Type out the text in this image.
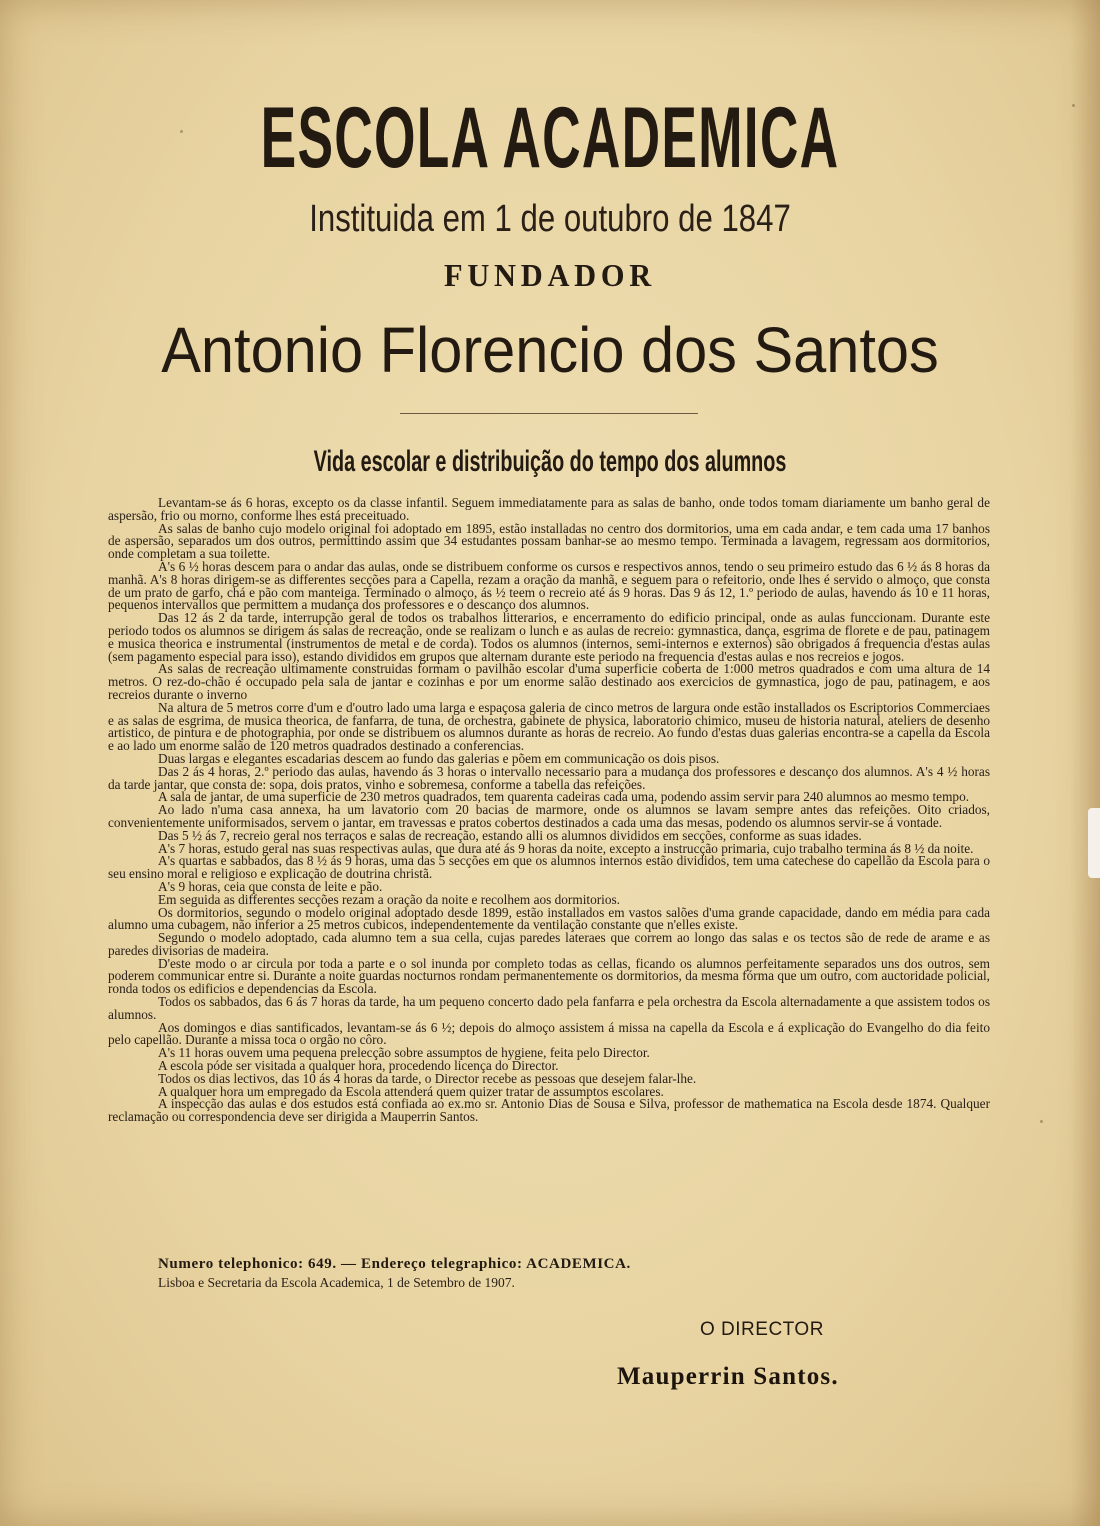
ESCOLA ACADEMICA
Instituida em 1 de outubro de 1847
FUNDADOR
Antonio Florencio dos Santos
Vida escolar e distribuição do tempo dos alumnos

Levantam-se ás 6 horas, excepto os da classe infantil. Seguem immediatamente para as salas de banho, onde todos tomam diariamente um banho geral de aspersão, frio ou morno, conforme lhes está preceituado.

As salas de banho cujo modelo original foi adoptado em 1895, estão installadas no centro dos dormitorios, uma em cada andar, e tem cada uma 17 banhos de aspersão, separados um dos outros, permittindo assim que 34 estudantes possam banhar-se ao mesmo tempo. Terminada a lavagem, regressam aos dormitorios, onde completam a sua toilette.

A's 6 ½ horas descem para o andar das aulas, onde se distribuem conforme os cursos e respectivos annos, tendo o seu primeiro estudo das 6 ½ ás 8 horas da manhã. A's 8 horas dirigem-se as differentes secções para a Capella, rezam a oração da manhã, e seguem para o refeitorio, onde lhes é servido o almoço, que consta de um prato de garfo, chá e pão com manteiga. Terminado o almoço, ás ½ teem o recreio até ás 9 horas. Das 9 ás 12, 1.º periodo de aulas, havendo ás 10 e 11 horas, pequenos intervallos que permittem a mudança dos professores e o descanço dos alumnos.

Das 12 ás 2 da tarde, interrupção geral de todos os trabalhos litterarios, e encerramento do edificio principal, onde as aulas funccionam. Durante este periodo todos os alumnos se dirigem ás salas de recreação, onde se realizam o lunch e as aulas de recreio: gymnastica, dança, esgrima de florete e de pau, patinagem e musica theorica e instrumental (instrumentos de metal e de corda). Todos os alumnos (internos, semi-internos e externos) são obrigados á frequencia d'estas aulas (sem pagamento especial para isso), estando divididos em grupos que alternam durante este periodo na frequencia d'estas aulas e nos recreios e jogos.

As salas de recreação ultimamente construidas formam o pavilhão escolar d'uma superficie coberta de 1:000 metros quadrados e com uma altura de 14 metros. O rez-do-chão é occupado pela sala de jantar e cozinhas e por um enorme salão destinado aos exercicios de gymnastica, jogo de pau, patinagem, e aos recreios durante o inverno

Na altura de 5 metros corre d'um e d'outro lado uma larga e espaçosa galeria de cinco metros de largura onde estão installados os Escriptorios Commerciaes e as salas de esgrima, de musica theorica, de fanfarra, de tuna, de orchestra, gabinete de physica, laboratorio chimico, museu de historia natural, ateliers de desenho artistico, de pintura e de photographia, por onde se distribuem os alumnos durante as horas de recreio. Ao fundo d'estas duas galerias encontra-se a capella da Escola e ao lado um enorme salão de 120 metros quadrados destinado a conferencias.

Duas largas e elegantes escadarias descem ao fundo das galerias e põem em communicação os dois pisos.

Das 2 ás 4 horas, 2.º periodo das aulas, havendo ás 3 horas o intervallo necessario para a mudança dos professores e descanço dos alumnos. A's 4 ½ horas da tarde jantar, que consta de: sopa, dois pratos, vinho e sobremesa, conforme a tabella das refeições.

A sala de jantar, de uma superficie de 230 metros quadrados, tem quarenta cadeiras cada uma, podendo assim servir para 240 alumnos ao mesmo tempo.

Ao lado n'uma casa annexa, ha um lavatorio com 20 bacias de marmore, onde os alumnos se lavam sempre antes das refeições. Oito criados, convenientemente uniformisados, servem o jantar, em travessas e pratos cobertos destinados a cada uma das mesas, podendo os alumnos servir-se á vontade.

Das 5 ½ ás 7, recreio geral nos terraços e salas de recreação, estando alli os alumnos divididos em secções, conforme as suas idades.

A's 7 horas, estudo geral nas suas respectivas aulas, que dura até ás 9 horas da noite, excepto a instrucção primaria, cujo trabalho termina ás 8 ½ da noite.

A's quartas e sabbados, das 8 ½ ás 9 horas, uma das 5 secções em que os alumnos internos estão divididos, tem uma catechese do capellão da Escola para o seu ensino moral e religioso e explicação de doutrina christã.

A's 9 horas, ceia que consta de leite e pão.

Em seguida as differentes secções rezam a oração da noite e recolhem aos dormitorios.

Os dormitorios, segundo o modelo original adoptado desde 1899, estão installados em vastos salões d'uma grande capacidade, dando em média para cada alumno uma cubagem, não inferior a 25 metros cubicos, independentemente da ventilação constante que n'elles existe.

Segundo o modelo adoptado, cada alumno tem a sua cella, cujas paredes lateraes que correm ao longo das salas e os tectos são de rede de arame e as paredes divisorias de madeira.

D'este modo o ar circula por toda a parte e o sol inunda por completo todas as cellas, ficando os alumnos perfeitamente separados uns dos outros, sem poderem communicar entre si. Durante a noite guardas nocturnos rondam permanentemente os dormitorios, da mesma fórma que um outro, com auctoridade policial, ronda todos os edificios e dependencias da Escola.

Todos os sabbados, das 6 ás 7 horas da tarde, ha um pequeno concerto dado pela fanfarra e pela orchestra da Escola alternadamente a que assistem todos os alumnos.

Aos domingos e dias santificados, levantam-se ás 6 ½; depois do almoço assistem á missa na capella da Escola e á explicação do Evangelho do dia feito pelo capellão. Durante a missa toca o orgão no côro.

A's 11 horas ouvem uma pequena prelecção sobre assumptos de hygiene, feita pelo Director.

A escola póde ser visitada a qualquer hora, procedendo licença do Director.

Todos os dias lectivos, das 10 ás 4 horas da tarde, o Director recebe as pessoas que desejem falar-lhe.

A qualquer hora um empregado da Escola attenderá quem quizer tratar de assumptos escolares.

A inspecção das aulas e dos estudos está confiada ao ex.mo sr. Antonio Dias de Sousa e Silva, professor de mathematica na Escola desde 1874. Qualquer reclamação ou correspondencia deve ser dirigida a Mauperrin Santos.

Numero telephonico: 649. — Endereço telegraphico: ACADEMICA.
Lisboa e Secretaria da Escola Academica, 1 de Setembro de 1907.
O DIRECTOR
Mauperrin Santos.
